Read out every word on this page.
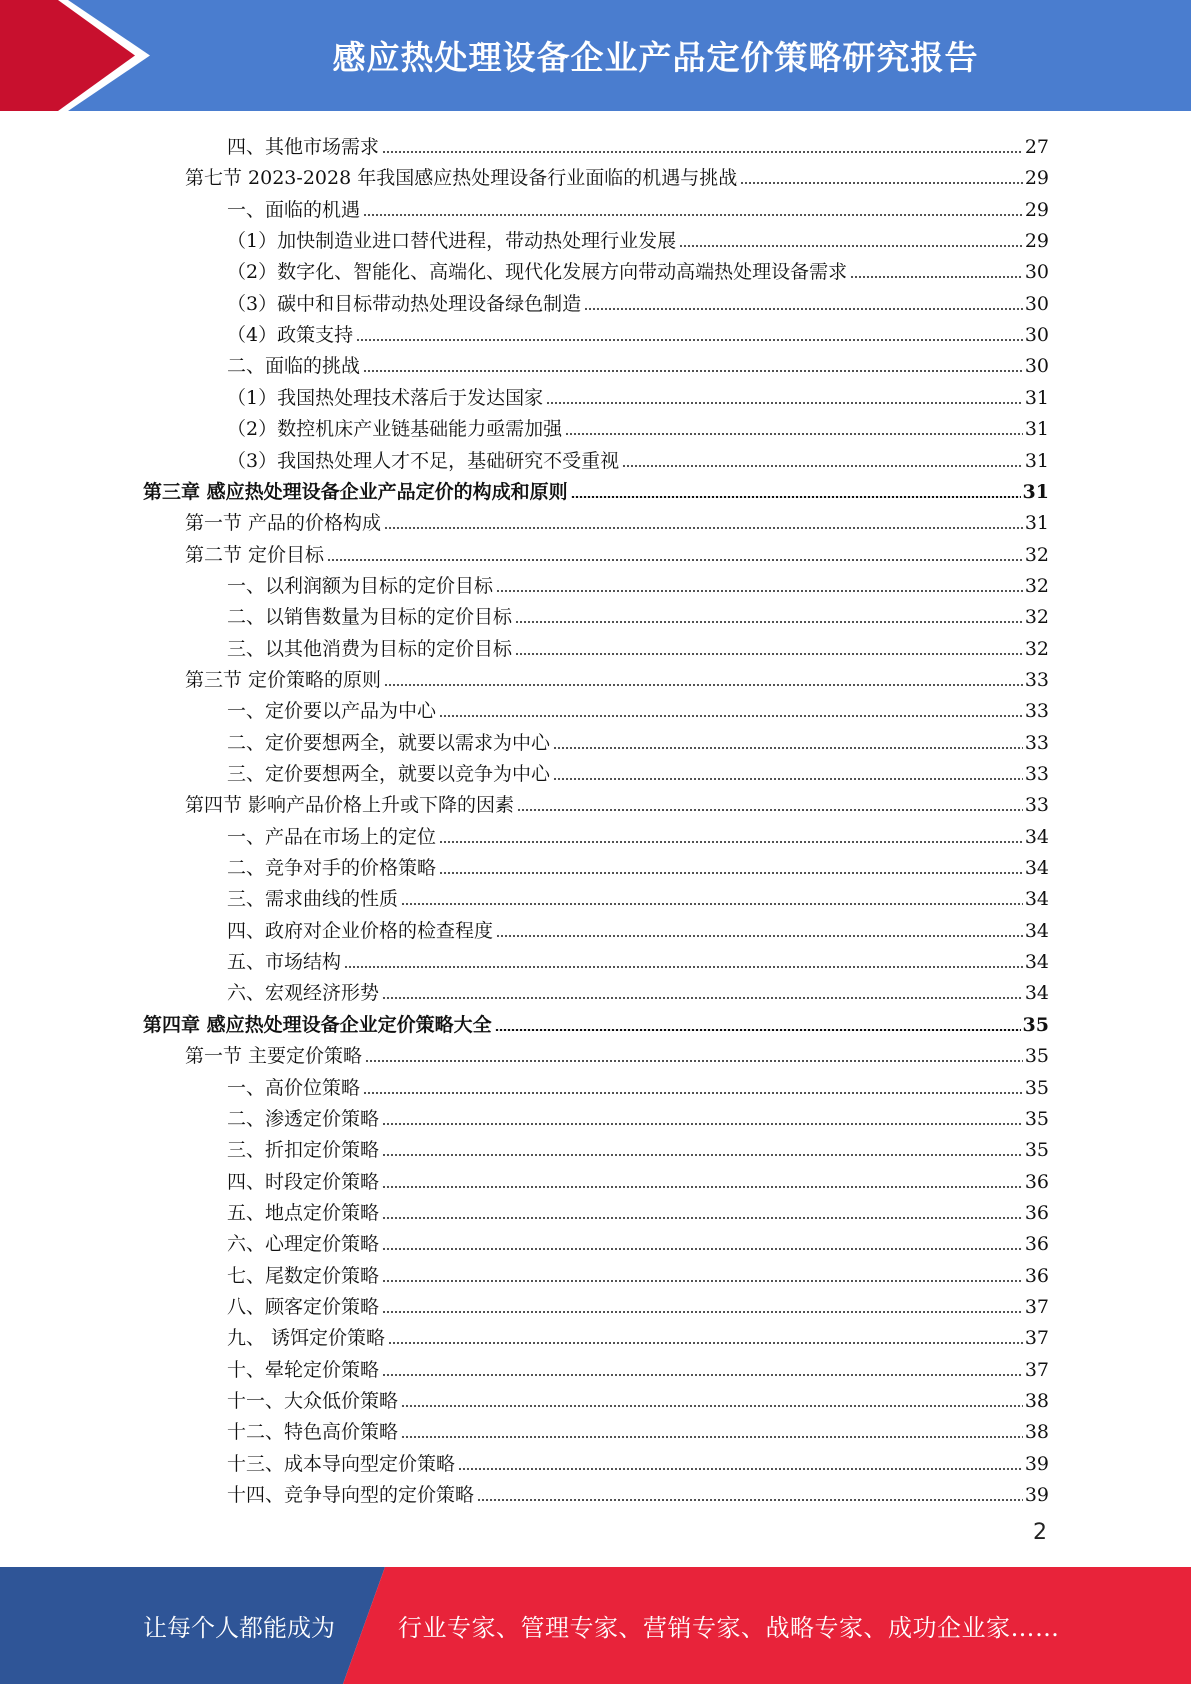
感应热处理设备企业产品定价策略研究报告
四、其他市场需求	27
第七节 2023-2028 年我国感应热处理设备行业面临的机遇与挑战	29
一、面临的机遇	29
（1）加快制造业进口替代进程，带动热处理行业发展	29
（2）数字化、智能化、高端化、现代化发展方向带动高端热处理设备需求	30
（3）碳中和目标带动热处理设备绿色制造	30
（4）政策支持	30
二、面临的挑战	30
（1）我国热处理技术落后于发达国家	31
（2）数控机床产业链基础能力亟需加强	31
（3）我国热处理人才不足，基础研究不受重视	31
第三章 感应热处理设备企业产品定价的构成和原则	31
第一节 产品的价格构成	31
第二节 定价目标	32
一、以利润额为目标的定价目标	32
二、以销售数量为目标的定价目标	32
三、以其他消费为目标的定价目标	32
第三节 定价策略的原则	33
一、定价要以产品为中心	33
二、定价要想两全，就要以需求为中心	33
三、定价要想两全，就要以竞争为中心	33
第四节 影响产品价格上升或下降的因素	33
一、产品在市场上的定位	34
二、竞争对手的价格策略	34
三、需求曲线的性质	34
四、政府对企业价格的检查程度	34
五、市场结构	34
六、宏观经济形势	34
第四章 感应热处理设备企业定价策略大全	35
第一节 主要定价策略	35
一、高价位策略	35
二、渗透定价策略	35
三、折扣定价策略	35
四、时段定价策略	36
五、地点定价策略	36
六、心理定价策略	36
七、尾数定价策略	36
八、顾客定价策略	37
九、 诱饵定价策略	37
十、晕轮定价策略	37
十一、大众低价策略	38
十二、特色高价策略	38
十三、成本导向型定价策略	39
十四、竞争导向型的定价策略	39
2
让每个人都能成为	行业专家、管理专家、营销专家、战略专家、成功企业家……
